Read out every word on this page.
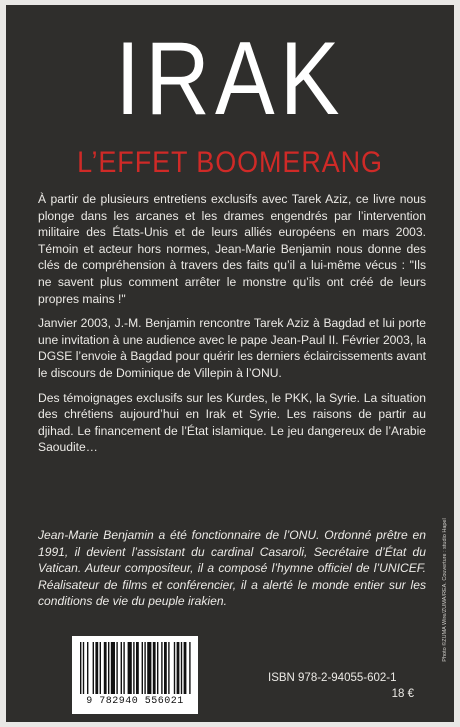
IRAK
L’EFFET BOOMERANG

À partir de plusieurs entretiens exclusifs avec Tarek Aziz, ce livre nous plonge dans les arcanes et les drames engendrés par l’intervention militaire des États-Unis et de leurs alliés européens en mars 2003. Témoin et acteur hors normes, Jean-Marie Benjamin nous donne des clés de compréhension à travers des faits qu’il a lui-même vécus : "Ils ne savent plus comment arrêter le monstre qu’ils ont créé de leurs propres mains !"

Janvier 2003, J.-M. Benjamin rencontre Tarek Aziz à Bagdad et lui porte une invitation à une audience avec le pape Jean-Paul II. Février 2003, la DGSE l’envoie à Bagdad pour quérir les derniers éclaircissements avant le discours de Dominique de Villepin à l’ONU.

Des témoignages exclusifs sur les Kurdes, le PKK, la Syrie. La situation des chrétiens aujourd’hui en Irak et Syrie. Les raisons de partir au djihad. Le financement de l’État islamique. Le jeu dangereux de l’Arabie Saoudite…

Jean-Marie Benjamin a été fonctionnaire de l’ONU. Ordonné prêtre en 1991, il devient l’assistant du cardinal Casaroli, Secrétaire d’État du Vatican. Auteur compositeur, il a composé l’hymne officiel de l’UNICEF. Réalisateur de films et conférencier, il a alerté le monde entier sur les conditions de vie du peuple irakien.	Photo ©ZUMA Wire/ZUMA/REA. Couverture : studio Hapel
9 782940 556021
ISBN 978-2-94055-602-1
18 €
